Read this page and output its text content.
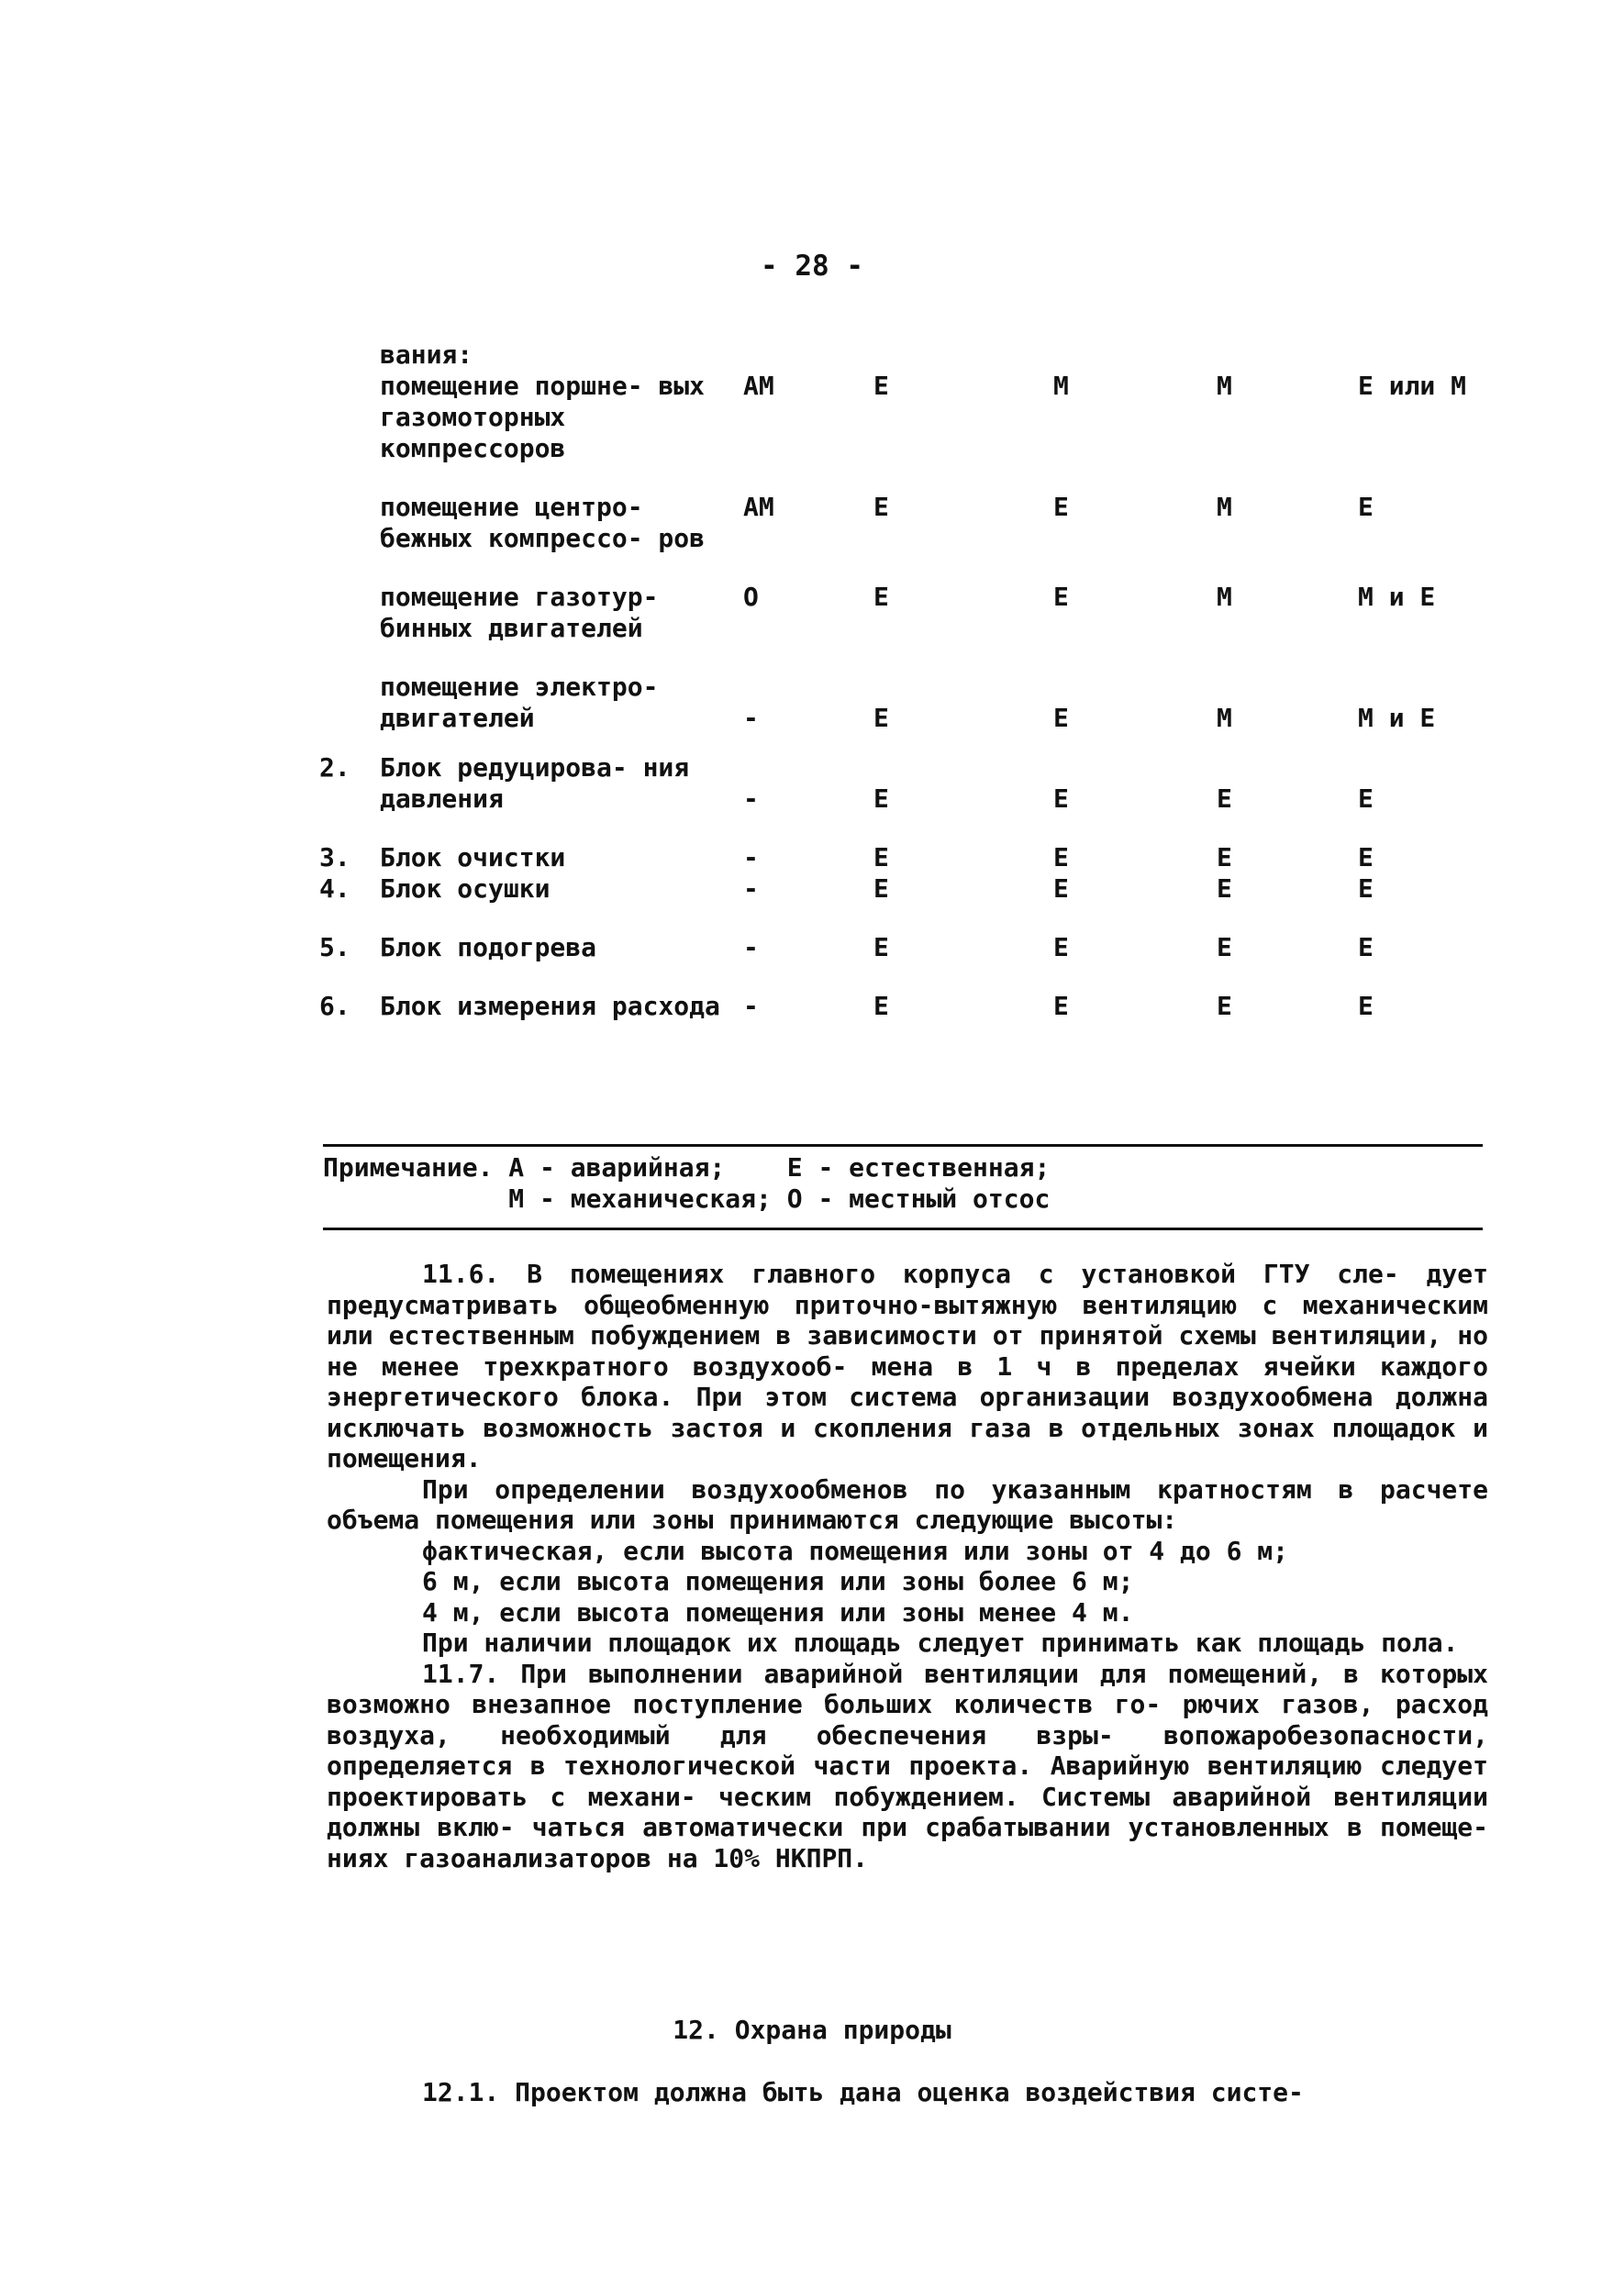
- 28 -
	вания:					
	помещение поршне- вых газомоторных компрессоров	АМ	Е	М	М	Е или М
	помещение центро- бежных компрессо- ров	АМ	Е	Е	М	Е
	помещение газотур- бинных двигателей	О	Е	Е	М	М и Е
	помещение электро- двигателей	-	Е	Е	М	М и Е
2.	Блок редуцирова- ния давления	-	Е	Е	Е	Е
3.	Блок очистки	-	Е	Е	Е	Е
4.	Блок осушки	-	Е	Е	Е	Е
5.	Блок подогрева	-	Е	Е	Е	Е
6.	Блок измерения расхода	-	Е	Е	Е	Е
Примечание. А - аварийная;    Е - естественная;
М - механическая; О - местный отсос

11.6. В помещениях главного корпуса с установкой ГТУ сле- дует предусматривать общеобменную приточно-вытяжную вентиляцию с механическим или естественным побуждением в зависимости от принятой схемы вентиляции, но не менее трехкратного воздухооб- мена в 1 ч в пределах ячейки каждого энергетического блока. При этом система организации воздухообмена должна исключать возможность застоя и скопления газа в отдельных зонах площадок и помещения.

При определении воздухообменов по указанным кратностям в расчете объема помещения или зоны принимаются следующие высоты:

фактическая, если высота помещения или зоны от 4 до 6 м;

6 м, если высота помещения или зоны более 6 м;

4 м, если высота помещения или зоны менее 4 м.

При наличии площадок их площадь следует принимать как площадь пола.

11.7. При выполнении аварийной вентиляции для помещений, в которых возможно внезапное поступление больших количеств го- рючих газов, расход воздуха, необходимый для обеспечения взры- вопожаробезопасности, определяется в технологической части проекта. Аварийную вентиляцию следует проектировать с механи- ческим побуждением. Системы аварийной вентиляции должны вклю- чаться автоматически при срабатывании установленных в помеще- ниях газоанализаторов на 10% НКПРП.

12. Охрана природы
12.1. Проектом должна быть дана оценка воздействия систе-
